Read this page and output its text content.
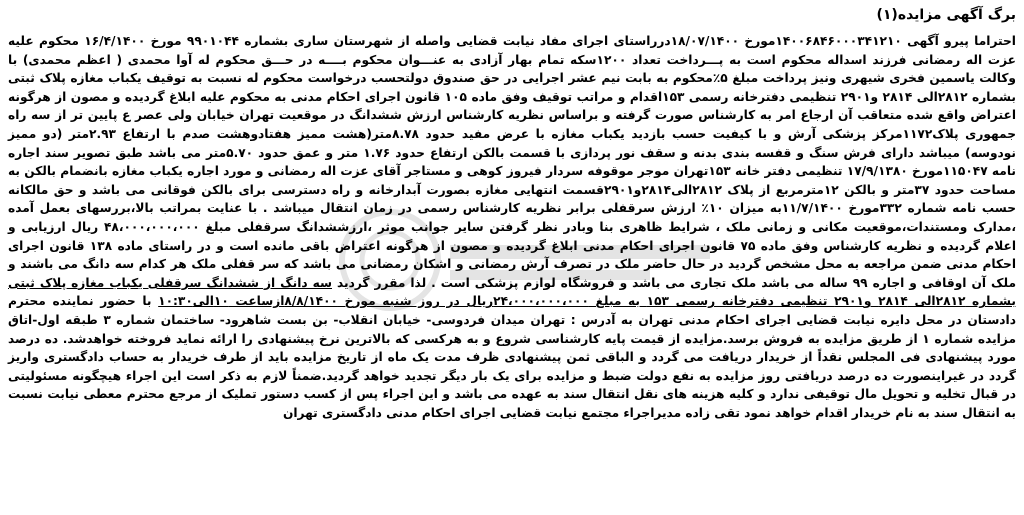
برگ آگهی مزایده(۱)

احتراما پیرو آگهی ۱۴۰۰۶۸۴۶۰۰۰۳۴۱۲۱۰مورخ ۱۸/۰۷/۱۴۰۰درراستای اجرای مفاد نیابت قضایی واصله از شهرستان ساری بشماره ۹۹۰۱۰۴۴ مورخ ۱۶/۴/۱۴۰۰ محکوم علیه عزت اله رمضانی فرزند اسداله محکوم است به پـــرداخت تعداد ۱۲۰۰سکه تمام بهار آزادی به عنـــوان محکوم بــــه در حـــق محکوم له آوا محمدی ( اعظم محمدی) با وکالت یاسمین فخری شیهری ونیز پرداخت مبلغ ۵٪محکوم به بابت نیم عشر اجرایی در حق صندوق دولتحسب درخواست محکوم له نسبت به توقیف یکباب مغازه پلاک ثبتی بشماره ۲۸۱۲الی ۲۸۱۴ و۲۹۰۱ تنظیمی دفترخانه رسمی ۱۵۳اقدام و مراتب توقیف وفق ماده ۱۰۵ قانون اجرای احکام مدنی به محکوم علیه ابلاغ گردیده و مصون از هرگونه اعتراض واقع شده متعاقب آن ارجاع امر به کارشناس صورت گرفته و براساس نظریه کارشناس ارزش ششدانگ در موقعیت تهران خیابان ولی عصر ع پایین تر از سه راه جمهوری پلاک۱۱۷۲مرکز پزشکی آرش و با کیفیت حسب بازدید یکباب مغازه با عرض مفید حدود ۸.۷۸متر(هشت مميز هفتادوهشت صدم با ارتفاع ۲.۹۳متر (دو مميز نودوسه) میباشد دارای فرش سنگ و قفسه بندی بدنه و سقف نور پردازی با قسمت بالکن ارتفاع حدود ۱.۷۶ متر و عمق حدود ۵.۷۰متر می باشد طبق تصویر سند اجاره نامه ۱۱۵۰۴۷مورخ ۱۷/۹/۱۳۸۰ تنظیمی دفتر خانه ۱۵۳تهران موجر موقوفه سردار فیروز کوهی و مستاجر آقای عزت اله رمضانی و مورد اجاره یکباب مغازه بانضمام بالکن به مساحت حدود ۳۷متر و بالکن ۱۲مترمربع از پلاک ۲۸۱۲الی۲۸۱۴و۲۹۰۱قسمت انتهایی مغازه بصورت آبدارخانه و راه دسترسی برای بالکن فوقانی می باشد و حق مالکانه حسب نامه شماره ۳۳۲مورخ ۱۱/۷/۱۴۰۰به میزان ۱۰٪ ارزش سرقفلی برابر نظریه کارشناس رسمی در زمان انتقال میباشد . با عنایت بمراتب بالا،بررسهای بعمل آمده ،مدارک ومستندات،موقعیت مکانی و زمانی ملک ، شرایط ظاهری بنا وبادر نظر گرفتن سایر جوانب موثر ،ارزششدانگ سرقفلی مبلغ ۴۸،۰۰۰،۰۰۰،۰۰۰ ریال ارزیابی و اعلام گردیده و نظریه کارشناس وفق ماده ۷۵ قانون اجرای احکام مدنی ابلاغ گردیده و مصون از هرگونه اعتراض باقی مانده است و در راستای ماده ۱۳۸ قانون اجرای احکام مدنی ضمن مراجعه به محل مشخص گردید در حال حاضر ملک در تصرف آرش رمضانی و اشکان رمضانی می باشد که سر قفلی ملک هر کدام سه دانگ می باشند و ملک آن اوقافی و اجاره ۹۹ ساله می باشد ملک تجاری می باشد و فروشگاه لوازم پزشکی است . لذا مقرر گردید سه دانگ از ششدانگ سرقفلی یکباب مغازه پلاک ثبتی بشماره ۲۸۱۲الی ۲۸۱۴ و۲۹۰۱ تنظیمی دفترخانه رسمی ۱۵۳ به مبلغ ۲۴،۰۰۰،۰۰۰،۰۰۰ریال در روز شنبه مورخ ۸/۸/۱۴۰۰ازساعت ۱۰الی۱۰:۳۰ با حضور نماینده محترم دادستان در محل دایره نیابت قضایی اجرای احکام مدنی تهران به آدرس : تهران میدان فردوسی- خیابان انقلاب- بن بست شاهرود- ساختمان شماره ۳ طبقه اول-اتاق مزایده شماره ۱ از طریق مزایده به فروش برسد.مزایده از قیمت پایه کارشناسی شروع و به هرکسی که بالاترین نرخ پیشنهادی را ارائه نماید فروخته خواهدشد. ده درصد مورد پیشنهادی فی المجلس نقداً از خریدار دریافت می گردد و الباقی ثمن پیشنهادی ظرف مدت یک ماه از تاریخ مزایده باید از طرف خریدار به حساب دادگستری واریز گردد در غیراینصورت ده درصد دریافتی روز مزایده به نفع دولت ضبط و مزایده برای یک بار دیگر تجدید خواهد گردید.ضمناً لازم به ذکر است این اجراء هیچگونه مسئولیتی در قبال تخلیه و تحویل مال توقیفی ندارد و کلیه هزینه های نقل انتقال سند به عهده می باشد و این اجراء پس از کسب دستور تملیک از مرجع محترم معطی نیابت نسبت به انتقال سند به نام خریدار اقدام خواهد نمود تقی زاده مدیراجراء مجتمع نیابت قضایی اجرای احکام مدنی دادگستری تهران
